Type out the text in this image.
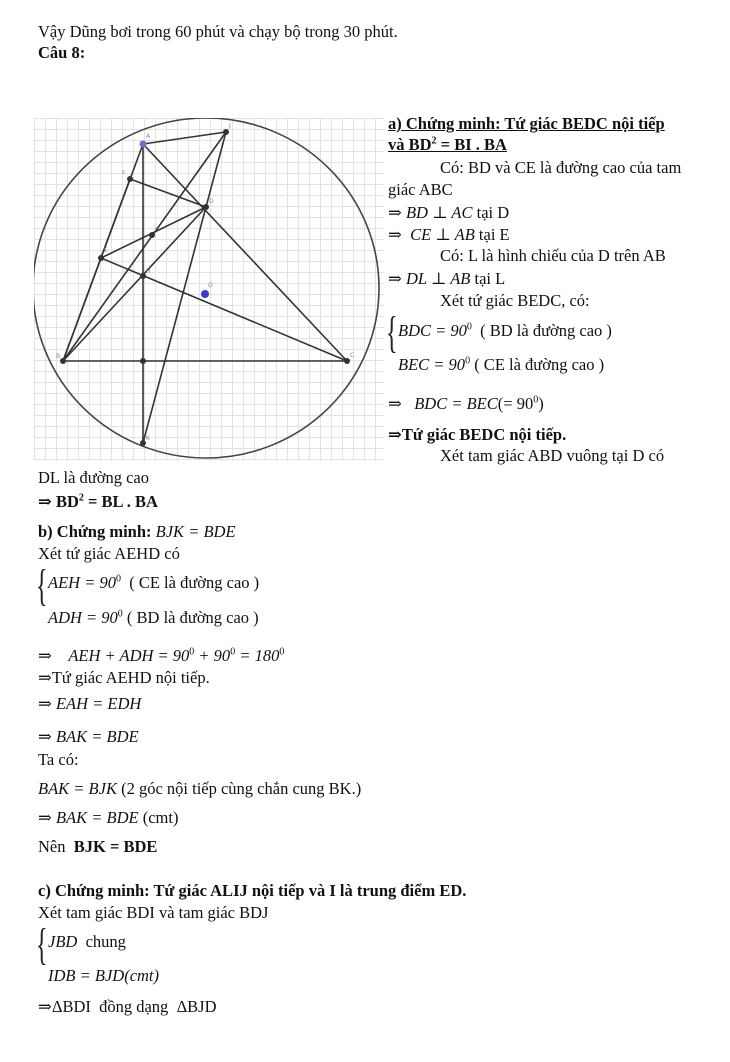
Vậy Dũng bơi trong 60 phút và chạy bộ trong 30 phút.
Câu 8:
A
J
D
F
E
O
H
B	C
I
K
a) Chứng minh: Tứ giác BEDC nội tiếp
và $BD^2$ = BI . BA
Có: BD và CE là đường cao của tam
giác ABC
⇒ BD ⊥ AC tại D
⇒ CE ⊥ AB tại E
Có: L là hình chiếu của D trên AB
⇒ DL ⊥ AB tại L
Xét tứ giác BEDC, có:
{ BDC = $90^0$ ( BD là đường cao )
BEC = $90^0$ ( CE là đường cao )
⇒ BDC = $BEC(= 90^0)$
⇒Tứ giác BEDC nội tiếp.
Xét tam giác ABD vuông tại D có
DL là đường cao
⇒ $BD^2$ = BL . BA
b) Chứng minh: BJK = BDE
Xét tứ giác AEHD có
{ AEH = $90^0$ ( CE là đường cao )
ADH = $90^0$ ( BD là đường cao )
⇒ AEH + ADH = $90^0 + 90^0 = 180^0$
⇒Tứ giác AEHD nội tiếp.
⇒ EAH = EDH
⇒ BAK = BDE
Ta có:
BAK = BJK (2 góc nội tiếp cùng chắn cung BK.)
⇒ BAK = BDE (cmt)
Nên BJK = BDE
c) Chứng minh: Tứ giác ALIJ nội tiếp và I là trung điểm ED.
Xét tam giác BDI và tam giác BDJ
{ JBD chung
IDB = BJD(cmt)
⇒ΔBDI đồng dạng ΔBJD
